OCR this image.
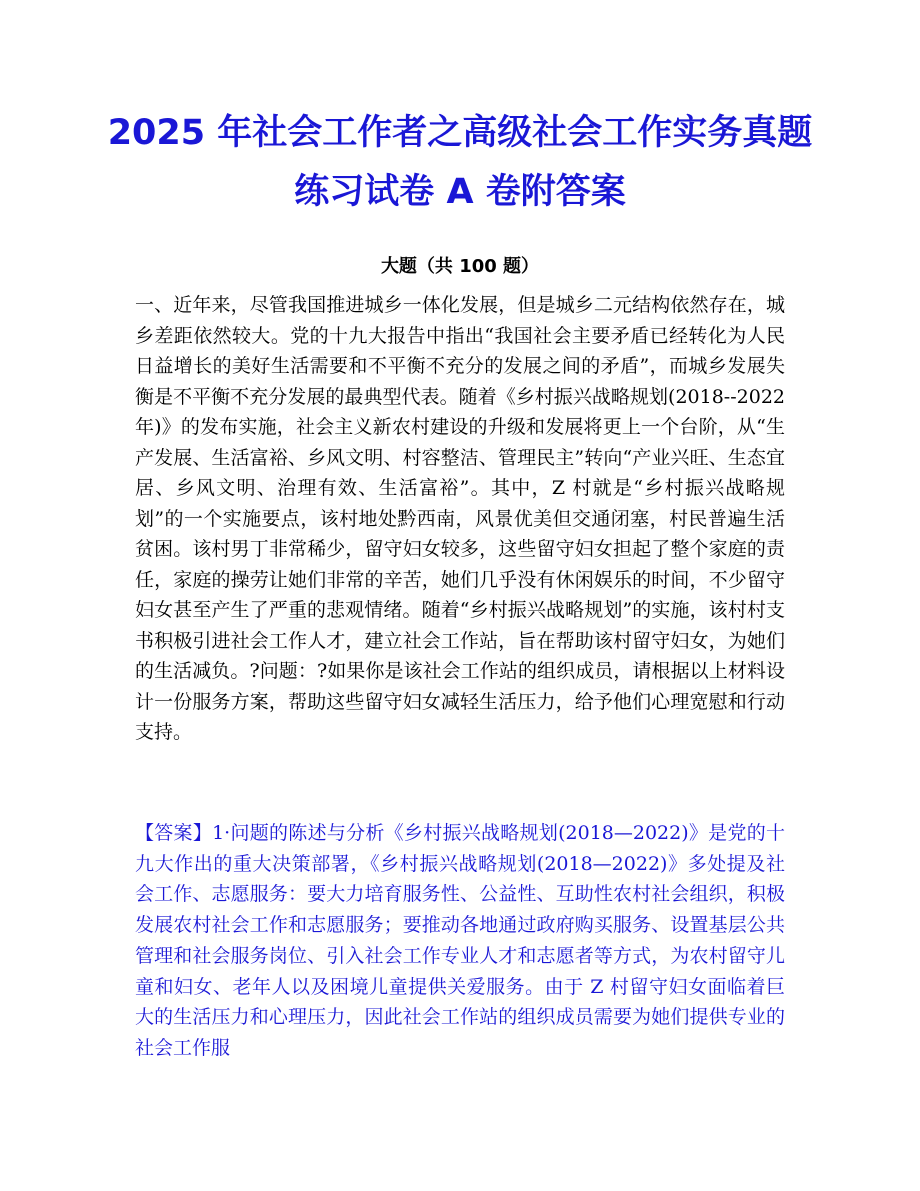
2025 年社会工作者之高级社会工作实务真题练习试卷 A 卷附答案
大题（共 100 题）
一、近年来，尽管我国推进城乡一体化发展，但是城乡二元结构依然存在，城乡差距依然较大。党的十九大报告中指出“我国社会主要矛盾已经转化为人民日益增长的美好生活需要和不平衡不充分的发展之间的矛盾”，而城乡发展失衡是不平衡不充分发展的最典型代表。随着《乡村振兴战略规划(2018--2022 年)》的发布实施，社会主义新农村建设的升级和发展将更上一个台阶，从“生产发展、生活富裕、乡风文明、村容整洁、管理民主”转向“产业兴旺、生态宜居、乡风文明、治理有效、生活富裕”。其中，Z 村就是“乡村振兴战略规划”的一个实施要点，该村地处黔西南，风景优美但交通闭塞，村民普遍生活贫困。该村男丁非常稀少，留守妇女较多，这些留守妇女担起了整个家庭的责任，家庭的操劳让她们非常的辛苦，她们几乎没有休闲娱乐的时间，不少留守妇女甚至产生了严重的悲观情绪。随着“乡村振兴战略规划”的实施，该村村支书积极引进社会工作人才，建立社会工作站，旨在帮助该村留守妇女，为她们的生活减负。?问题：?如果你是该社会工作站的组织成员，请根据以上材料设计一份服务方案，帮助这些留守妇女减轻生活压力，给予他们心理宽慰和行动支持。
【答案】1·问题的陈述与分析《乡村振兴战略规划(2018—2022)》是党的十九大作出的重大决策部署，《乡村振兴战略规划(2018—2022)》多处提及社会工作、志愿服务：要大力培育服务性、公益性、互助性农村社会组织，积极发展农村社会工作和志愿服务；要推动各地通过政府购买服务、设置基层公共管理和社会服务岗位、引入社会工作专业人才和志愿者等方式，为农村留守儿童和妇女、老年人以及困境儿童提供关爱服务。由于 Z 村留守妇女面临着巨大的生活压力和心理压力，因此社会工作站的组织成员需要为她们提供专业的社会工作服
